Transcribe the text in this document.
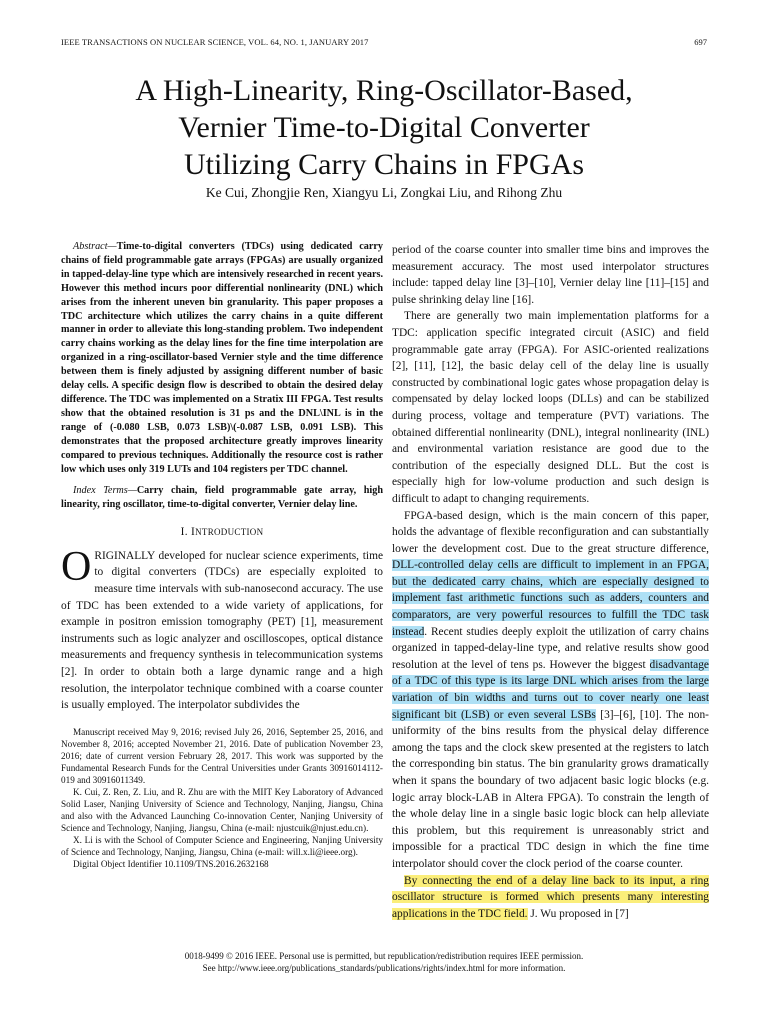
IEEE TRANSACTIONS ON NUCLEAR SCIENCE, VOL. 64, NO. 1, JANUARY 2017	697
A High-Linearity, Ring-Oscillator-Based,
Vernier Time-to-Digital Converter
Utilizing Carry Chains in FPGAs
Ke Cui, Zhongjie Ren, Xiangyu Li, Zongkai Liu, and Rihong Zhu

Abstract—Time-to-digital converters (TDCs) using dedicated carry chains of field programmable gate arrays (FPGAs) are usually organized in tapped-delay-line type which are intensively researched in recent years. However this method incurs poor differential nonlinearity (DNL) which arises from the inherent uneven bin granularity. This paper proposes a TDC architecture which utilizes the carry chains in a quite different manner in order to alleviate this long-standing problem. Two independent carry chains working as the delay lines for the fine time interpolation are organized in a ring-oscillator-based Vernier style and the time difference between them is finely adjusted by assigning different number of basic delay cells. A specific design flow is described to obtain the desired delay difference. The TDC was implemented on a Stratix III FPGA. Test results show that the obtained resolution is 31 ps and the DNL\INL is in the range of (-0.080 LSB, 0.073 LSB)\(-0.087 LSB, 0.091 LSB). This demonstrates that the proposed architecture greatly improves linearity compared to previous techniques. Additionally the resource cost is rather low which uses only 319 LUTs and 104 registers per TDC channel.

Index Terms—Carry chain, field programmable gate array, high linearity, ring oscillator, time-to-digital converter, Vernier delay line.

I. INTRODUCTION

ORIGINALLY developed for nuclear science experiments, time to digital converters (TDCs) are especially exploited to measure time intervals with sub-nanosecond accuracy. The use of TDC has been extended to a wide variety of applications, for example in positron emission tomography (PET) [1], measurement instruments such as logic analyzer and oscilloscopes, optical distance measurements and frequency synthesis in telecommunication systems [2]. In order to obtain both a large dynamic range and a high resolution, the interpolator technique combined with a coarse counter is usually employed. The interpolator subdivides the

Manuscript received May 9, 2016; revised July 26, 2016, September 25, 2016, and November 8, 2016; accepted November 21, 2016. Date of publication November 23, 2016; date of current version February 28, 2017. This work was supported by the Fundamental Research Funds for the Central Universities under Grants 30916014112-019 and 30916011349.

K. Cui, Z. Ren, Z. Liu, and R. Zhu are with the MIIT Key Laboratory of Advanced Solid Laser, Nanjing University of Science and Technology, Nanjing, Jiangsu, China and also with the Advanced Launching Co-innovation Center, Nanjing University of Science and Technology, Nanjing, Jiangsu, China (e-mail: njustcuik@njust.edu.cn).

X. Li is with the School of Computer Science and Engineering, Nanjing University of Science and Technology, Nanjing, Jiangsu, China (e-mail: will.x.li@ieee.org).

Digital Object Identifier 10.1109/TNS.2016.2632168

period of the coarse counter into smaller time bins and improves the measurement accuracy. The most used interpolator structures include: tapped delay line [3]–[10], Vernier delay line [11]–[15] and pulse shrinking delay line [16].

There are generally two main implementation platforms for a TDC: application specific integrated circuit (ASIC) and field programmable gate array (FPGA). For ASIC-oriented realizations [2], [11], [12], the basic delay cell of the delay line is usually constructed by combinational logic gates whose propagation delay is compensated by delay locked loops (DLLs) and can be stabilized during process, voltage and temperature (PVT) variations. The obtained differential nonlinearity (DNL), integral nonlinearity (INL) and environmental variation resistance are good due to the contribution of the especially designed DLL. But the cost is especially high for low-volume production and such design is difficult to adapt to changing requirements.

FPGA-based design, which is the main concern of this paper, holds the advantage of flexible reconfiguration and can substantially lower the development cost. Due to the great structure difference, DLL-controlled delay cells are difficult to implement in an FPGA, but the dedicated carry chains, which are especially designed to implement fast arithmetic functions such as adders, counters and comparators, are very powerful resources to fulfill the TDC task instead. Recent studies deeply exploit the utilization of carry chains organized in tapped-delay-line type, and relative results show good resolution at the level of tens ps. However the biggest disadvantage of a TDC of this type is its large DNL which arises from the large variation of bin widths and turns out to cover nearly one least significant bit (LSB) or even several LSBs [3]–[6], [10]. The non-uniformity of the bins results from the physical delay difference among the taps and the clock skew presented at the registers to latch the corresponding bin status. The bin granularity grows dramatically when it spans the boundary of two adjacent basic logic blocks (e.g. logic array block-LAB in Altera FPGA). To constrain the length of the whole delay line in a single basic logic block can help alleviate this problem, but this requirement is unreasonably strict and impossible for a practical TDC design in which the fine time interpolator should cover the clock period of the coarse counter.

By connecting the end of a delay line back to its input, a ring oscillator structure is formed which presents many interesting applications in the TDC field. J. Wu proposed in [7]

0018-9499 © 2016 IEEE. Personal use is permitted, but republication/redistribution requires IEEE permission.
See http://www.ieee.org/publications_standards/publications/rights/index.html for more information.
